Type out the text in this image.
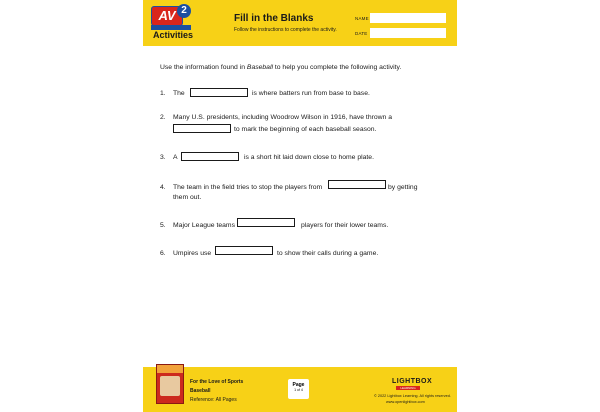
AV 2
Activities
Fill in the Blanks
Follow the instructions to complete the activity.
NAME
DATE
Use the information found in Baseball to help you complete the following activity.
1. The	is where batters run from base to base.
2. Many U.S. presidents, including Woodrow Wilson in 1916, have thrown a
to mark the beginning of each baseball season.
3. A	is a short hit laid down close to home plate.
4. The team in the field tries to stop the players from	by getting
them out.
5. Major League teams	players for their lower teams.
6. Umpires use	to show their calls during a game.
For the Love of Sports
Baseball
Reference: All Pages
Page
1 of 4
LIGHTBOX
LEARNING
© 2022 Lightbox Learning. All rights reserved.
www.openlightbox.com
